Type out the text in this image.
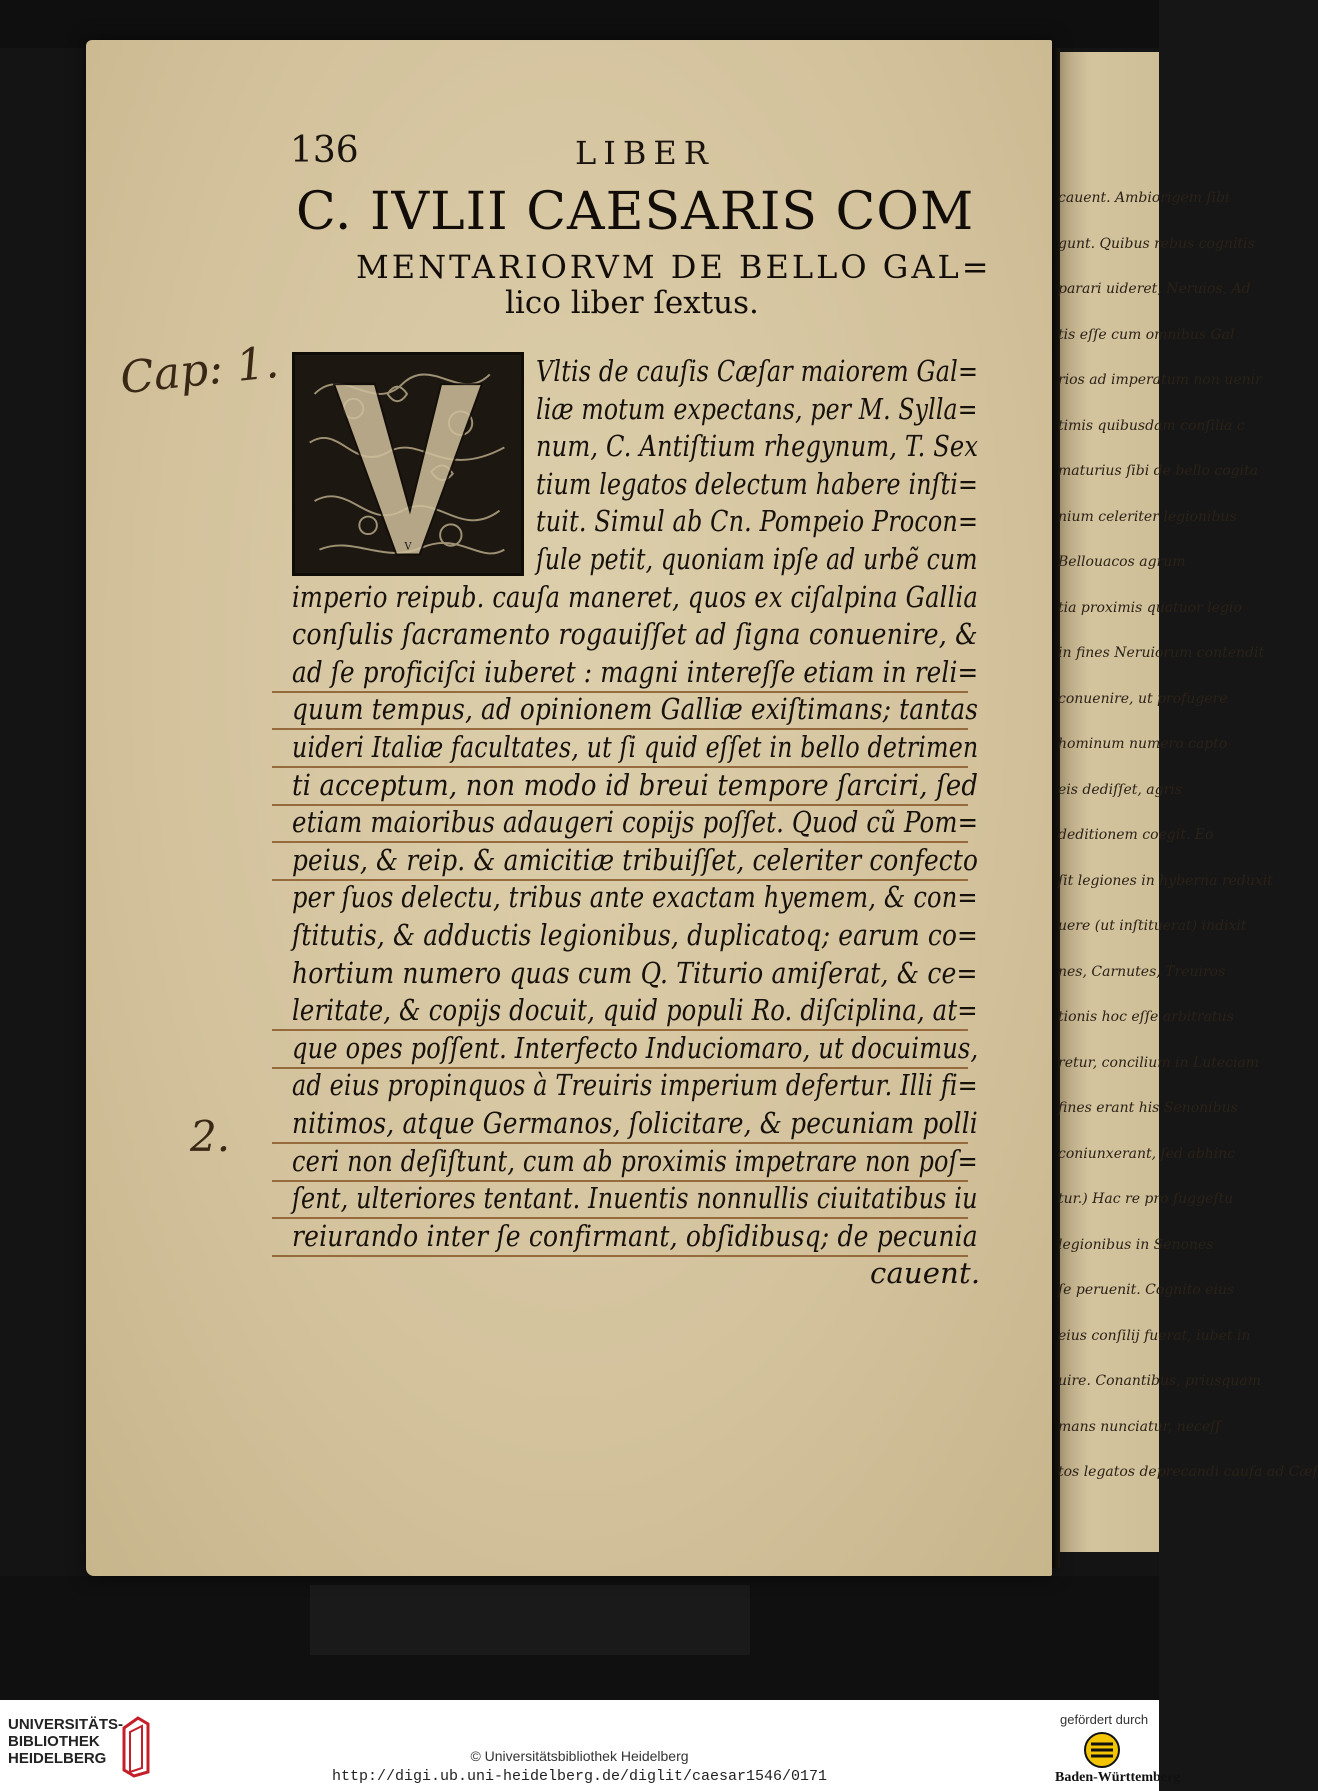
cauent. Ambiorigem ſibi
gunt. Quibus rebus cognitis
parari uideret, Neruios, Ad
tis eſſe cum omnibus Gal
rios ad imperatum non uenir
timis quibusdam conſilia c
maturius ſibi de bello cogita
nium celeriter legionibus
Bellouacos agrum
tia proximis quatuor legio
in fines Neruiorum contendit
conuenire, ut profugere
hominum numero capto
eis dediſſet, agris
deditionem coegit. Eo
ſit legiones in hyberna reduxit
uere (ut inſtituerat) indixit
nes, Carnutes, Treuiros
tionis hoc eſſe arbitratus
retur, concilium in Luteciam
fines erant his Senonibus
coniunxerant, ſed abhinc
tur.) Hac re pro ſuggeſtu
legionibus in Senones
ſe peruenit. Cognito eius
eius conſilij fuerat, iubet in
uire. Conantibus, priusquam
mans nunciatur, neceſſ
tos legatos deprecandi cauſa ad Cæſ
136	LIBER
C. IVLII CAESARIS COM
MENTARIORVM DE BELLO GAL=
lico liber ſextus.
Cap: 1.
2.
V
Vltis de cauſis Cæſar maiorem Gal=
liæ motum expectans, per M. Sylla=
num, C. Antiſtium rhegynum, T. Sex
tium legatos delectum habere inſti=
tuit. Simul ab Cn. Pompeio Procon=
ſule petit, quoniam ipſe ad urbẽ cum
imperio reipub. cauſa maneret, quos ex ciſalpina Gallia
conſulis ſacramento rogauiſſet ad ſigna conuenire, &
ad ſe proficiſci iuberet : magni intereſſe etiam in reli=
quum tempus, ad opinionem Galliæ exiſtimans; tantas
uideri Italiæ facultates, ut ſi quid eſſet in bello detrimen
ti acceptum, non modo id breui tempore ſarciri, ſed
etiam maioribus adaugeri copijs poſſet. Quod cũ Pom=
peius, & reip. & amicitiæ tribuiſſet, celeriter confecto
per ſuos delectu, tribus ante exactam hyemem, & con=
ſtitutis, & adductis legionibus, duplicatoq; earum co=
hortium numero quas cum Q. Titurio amiſerat, & ce=
leritate, & copijs docuit, quid populi Ro. diſciplina, at=
que opes poſſent. Interfecto Induciomaro, ut docuimus,
ad eius propinquos à Treuiris imperium defertur. Illi fi=
nitimos, atque Germanos, ſolicitare, & pecuniam polli
ceri non deſiſtunt, cum ab proximis impetrare non poſ=
ſent, ulteriores tentant. Inuentis nonnullis ciuitatibus iu
reiurando inter ſe confirmant, obſidibusq; de pecunia
cauent.
UNIVERSITÄTS-
BIBLIOTHEK
HEIDELBERG	© Universitätsbibliothek Heidelberg
http://digi.ub.uni-heidelberg.de/diglit/caesar1546/0171
gefördert durch
Baden-Württemberg
